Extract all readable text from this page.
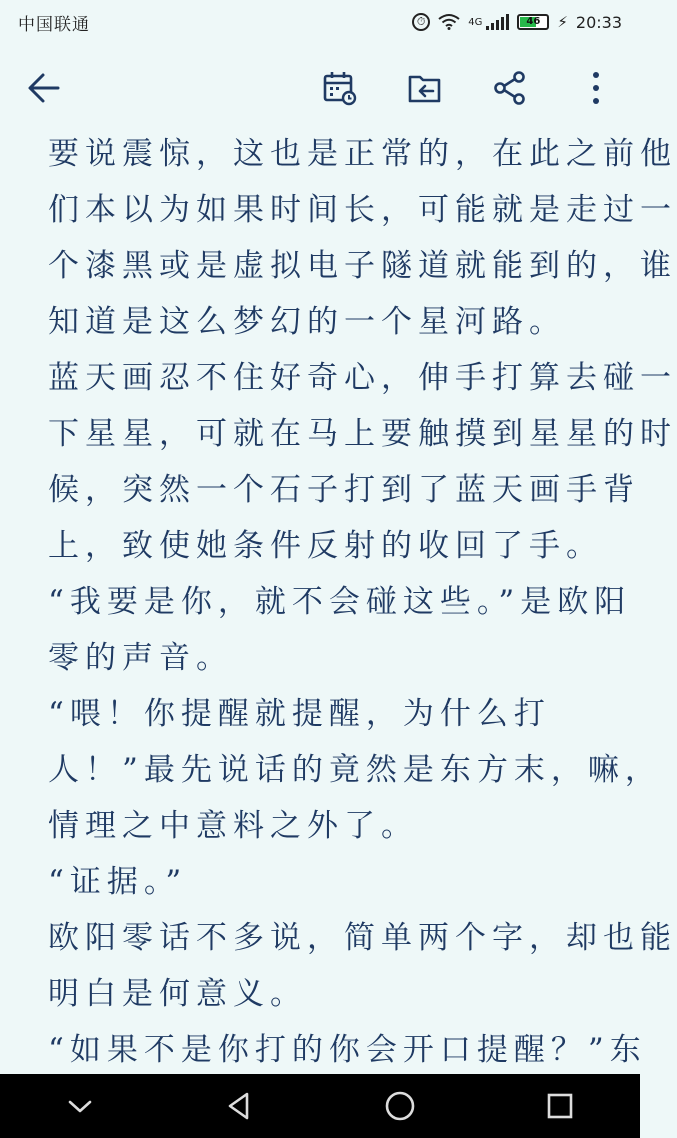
中国联通	⏱	4G	46	⚡ 20:33

要说震惊，这也是正常的，在此之前他

们本以为如果时间长，可能就是走过一

个漆黑或是虚拟电子隧道就能到的，谁

知道是这么梦幻的一个星河路。

蓝天画忍不住好奇心，伸手打算去碰一

下星星，可就在马上要触摸到星星的时

候，突然一个石子打到了蓝天画手背

上，致使她条件反射的收回了手。

“我要是你，就不会碰这些。”是欧阳

零的声音。

“喂！你提醒就提醒，为什么打

人！”最先说话的竟然是东方末，嘛，

情理之中意料之外了。

“证据。”

欧阳零话不多说，简单两个字，却也能

明白是何意义。

“如果不是你打的你会开口提醒？”东
